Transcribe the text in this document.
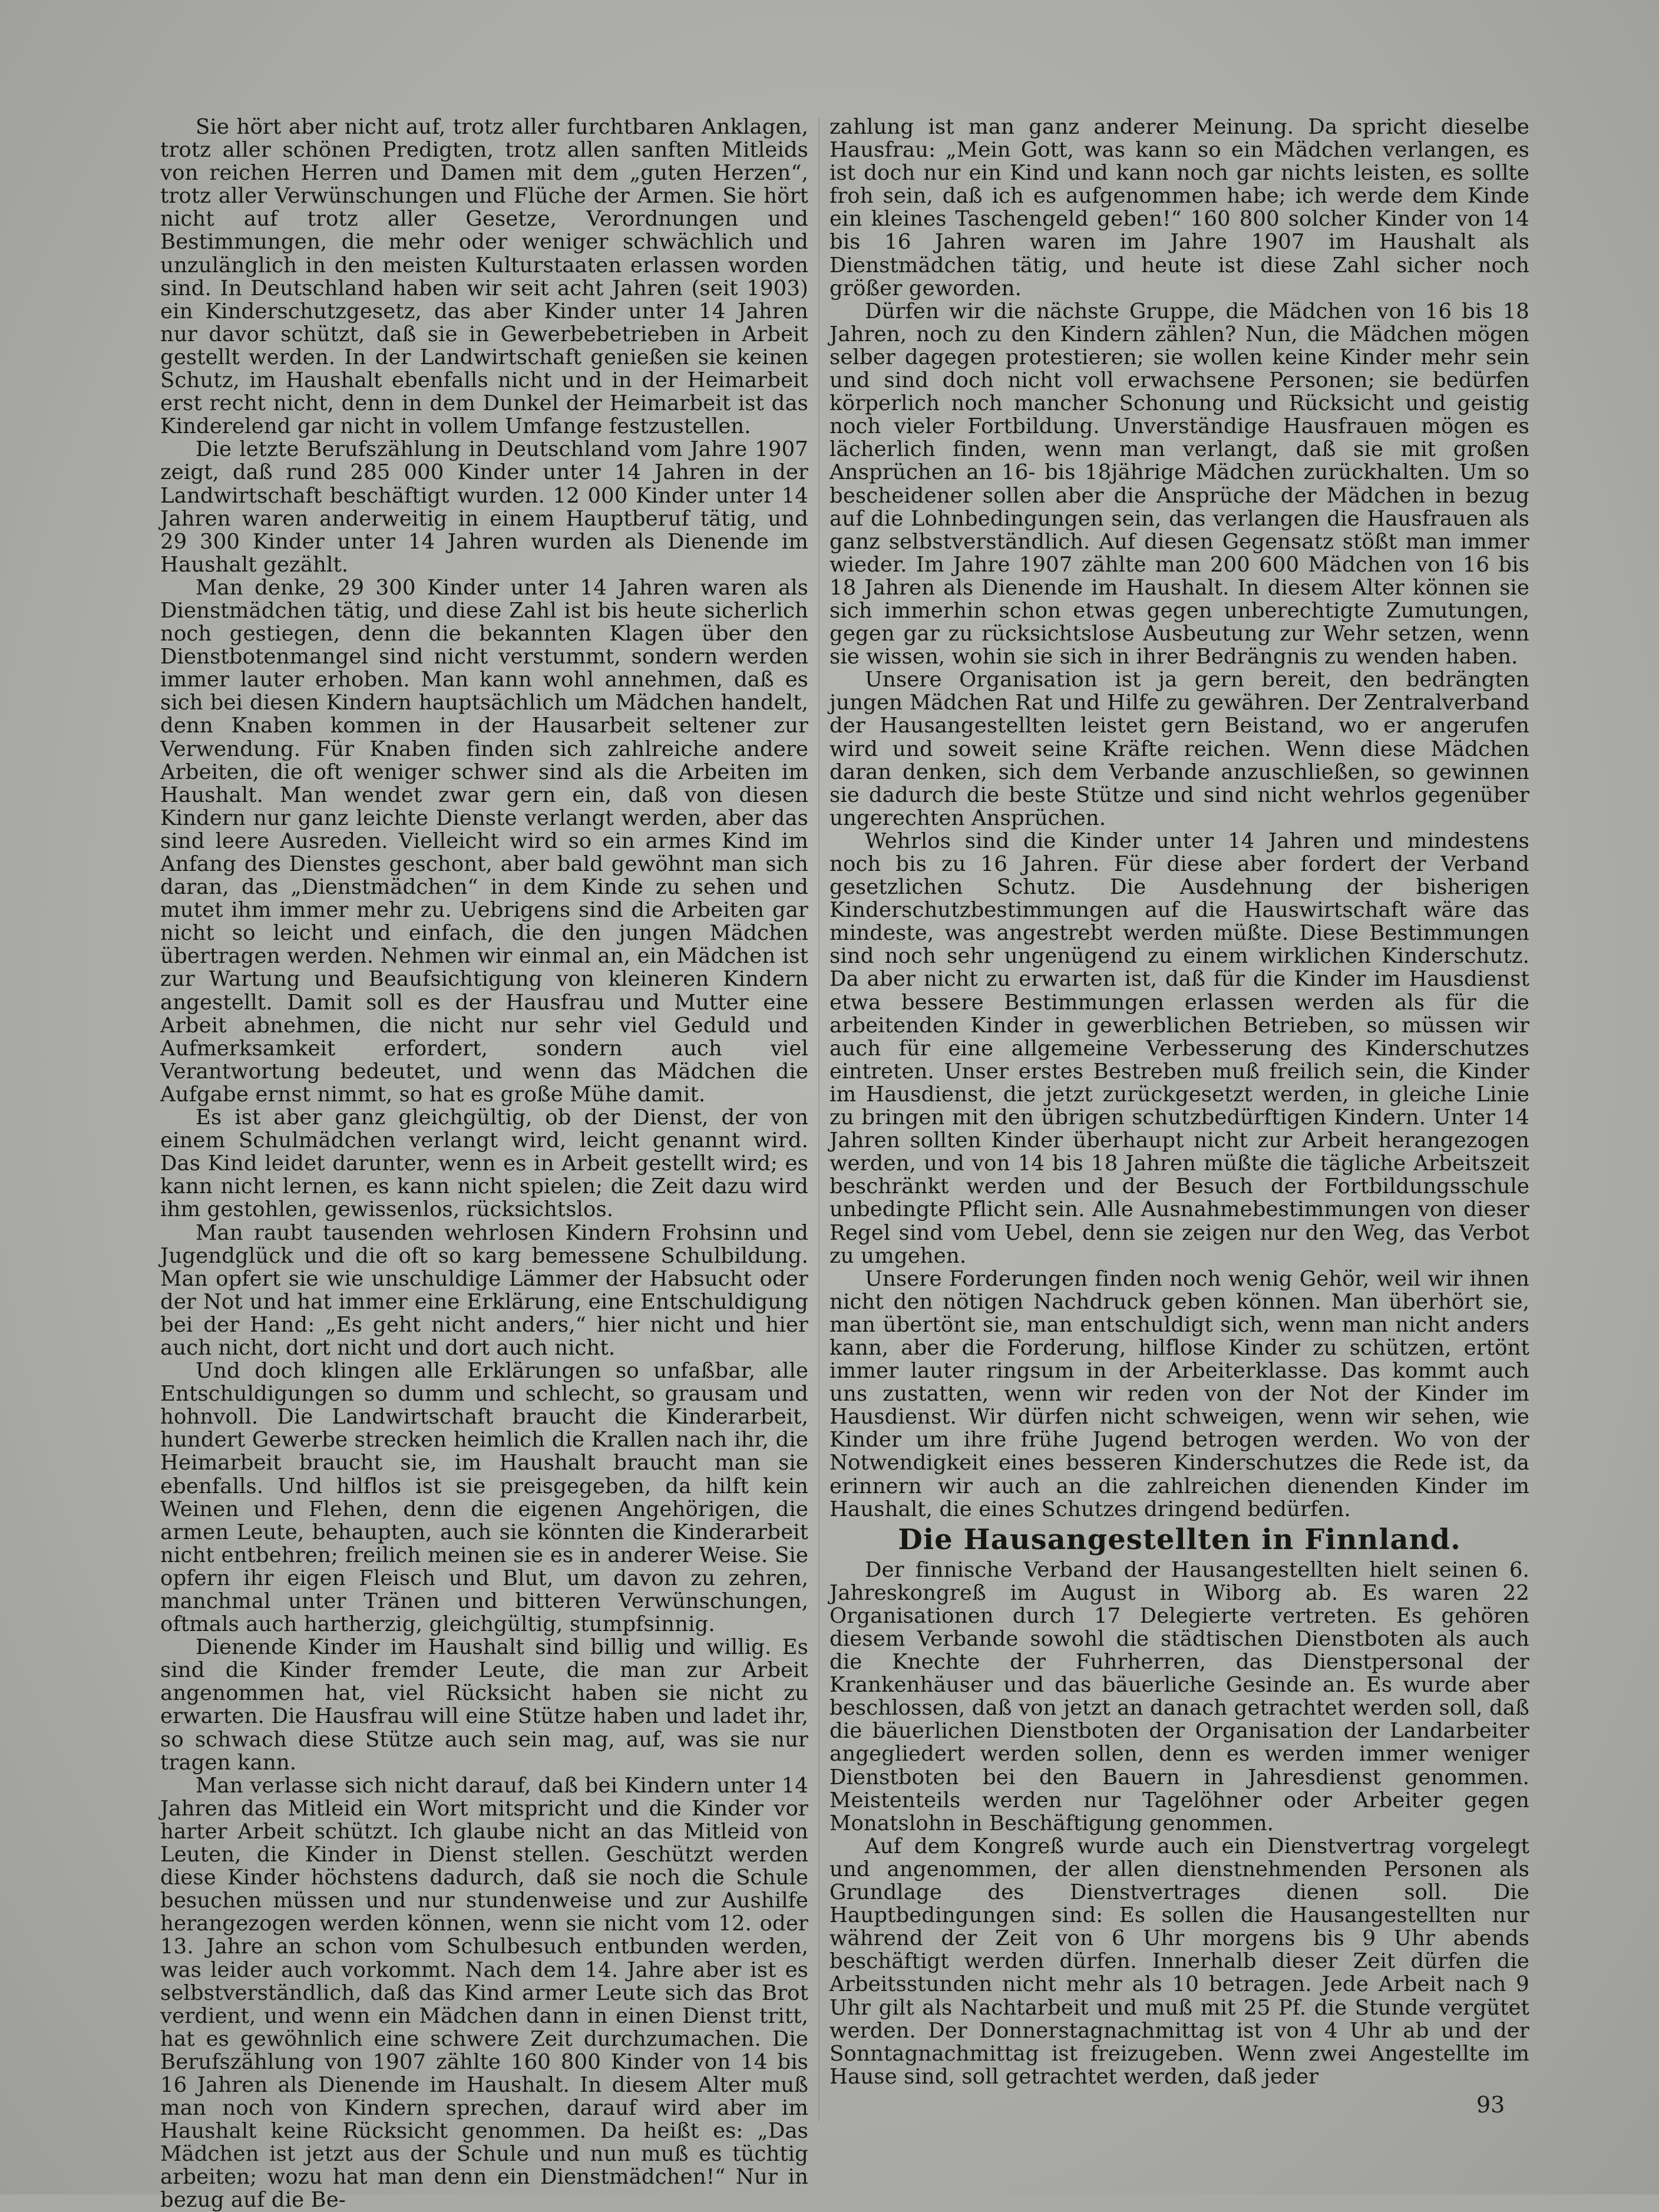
Sie hört aber nicht auf, trotz aller furchtbaren Anklagen, trotz aller schönen Predigten, trotz allen sanften Mitleids von reichen Herren und Damen mit dem „guten Herzen“, trotz aller Verwünschungen und Flüche der Armen. Sie hört nicht auf trotz aller Gesetze, Verordnungen und Bestimmungen, die mehr oder weniger schwächlich und unzulänglich in den meisten Kulturstaaten erlassen worden sind. In Deutschland haben wir seit acht Jahren (seit 1903) ein Kinderschutzgesetz, das aber Kinder unter 14 Jahren nur davor schützt, daß sie in Gewerbebetrieben in Arbeit gestellt werden. In der Landwirtschaft genießen sie keinen Schutz, im Haushalt ebenfalls nicht und in der Heimarbeit erst recht nicht, denn in dem Dunkel der Heimarbeit ist das Kinderelend gar nicht in vollem Umfange festzustellen.

Die letzte Berufszählung in Deutschland vom Jahre 1907 zeigt, daß rund 285 000 Kinder unter 14 Jahren in der Landwirtschaft beschäftigt wurden. 12 000 Kinder unter 14 Jahren waren anderweitig in einem Hauptberuf tätig, und 29 300 Kinder unter 14 Jahren wurden als Dienende im Haushalt gezählt.

Man denke, 29 300 Kinder unter 14 Jahren waren als Dienstmädchen tätig, und diese Zahl ist bis heute sicherlich noch gestiegen, denn die bekannten Klagen über den Dienstbotenmangel sind nicht verstummt, sondern werden immer lauter erhoben. Man kann wohl annehmen, daß es sich bei diesen Kindern hauptsächlich um Mädchen handelt, denn Knaben kommen in der Hausarbeit seltener zur Verwendung. Für Knaben finden sich zahlreiche andere Arbeiten, die oft weniger schwer sind als die Arbeiten im Haushalt. Man wendet zwar gern ein, daß von diesen Kindern nur ganz leichte Dienste verlangt werden, aber das sind leere Ausreden. Vielleicht wird so ein armes Kind im Anfang des Dienstes geschont, aber bald gewöhnt man sich daran, das „Dienstmädchen“ in dem Kinde zu sehen und mutet ihm immer mehr zu. Uebrigens sind die Arbeiten gar nicht so leicht und einfach, die den jungen Mädchen übertragen werden. Nehmen wir einmal an, ein Mädchen ist zur Wartung und Beaufsichtigung von kleineren Kindern angestellt. Damit soll es der Hausfrau und Mutter eine Arbeit abnehmen, die nicht nur sehr viel Geduld und Aufmerksamkeit erfordert, sondern auch viel Verantwortung bedeutet, und wenn das Mädchen die Aufgabe ernst nimmt, so hat es große Mühe damit.

Es ist aber ganz gleichgültig, ob der Dienst, der von einem Schulmädchen verlangt wird, leicht genannt wird. Das Kind leidet darunter, wenn es in Arbeit gestellt wird; es kann nicht lernen, es kann nicht spielen; die Zeit dazu wird ihm gestohlen, gewissenlos, rücksichtslos.

Man raubt tausenden wehrlosen Kindern Frohsinn und Jugendglück und die oft so karg bemessene Schulbildung. Man opfert sie wie unschuldige Lämmer der Habsucht oder der Not und hat immer eine Erklärung, eine Entschuldigung bei der Hand: „Es geht nicht anders,“ hier nicht und hier auch nicht, dort nicht und dort auch nicht.

Und doch klingen alle Erklärungen so unfaßbar, alle Entschuldigungen so dumm und schlecht, so grausam und hohnvoll. Die Landwirtschaft braucht die Kinderarbeit, hundert Gewerbe strecken heimlich die Krallen nach ihr, die Heimarbeit braucht sie, im Haushalt braucht man sie ebenfalls. Und hilflos ist sie preisgegeben, da hilft kein Weinen und Flehen, denn die eigenen Angehörigen, die armen Leute, behaupten, auch sie könnten die Kinderarbeit nicht entbehren; freilich meinen sie es in anderer Weise. Sie opfern ihr eigen Fleisch und Blut, um davon zu zehren, manchmal unter Tränen und bitteren Verwünschungen, oftmals auch hartherzig, gleichgültig, stumpfsinnig.

Dienende Kinder im Haushalt sind billig und willig. Es sind die Kinder fremder Leute, die man zur Arbeit angenommen hat, viel Rücksicht haben sie nicht zu erwarten. Die Hausfrau will eine Stütze haben und ladet ihr, so schwach diese Stütze auch sein mag, auf, was sie nur tragen kann.

Man verlasse sich nicht darauf, daß bei Kindern unter 14 Jahren das Mitleid ein Wort mitspricht und die Kinder vor harter Arbeit schützt. Ich glaube nicht an das Mitleid von Leuten, die Kinder in Dienst stellen. Geschützt werden diese Kinder höchstens dadurch, daß sie noch die Schule besuchen müssen und nur stundenweise und zur Aushilfe herangezogen werden können, wenn sie nicht vom 12. oder 13. Jahre an schon vom Schulbesuch entbunden werden, was leider auch vorkommt. Nach dem 14. Jahre aber ist es selbstverständlich, daß das Kind armer Leute sich das Brot verdient, und wenn ein Mädchen dann in einen Dienst tritt, hat es gewöhnlich eine schwere Zeit durchzumachen. Die Berufszählung von 1907 zählte 160 800 Kinder von 14 bis 16 Jahren als Dienende im Haushalt. In diesem Alter muß man noch von Kindern sprechen, darauf wird aber im Haushalt keine Rücksicht genommen. Da heißt es: „Das Mädchen ist jetzt aus der Schule und nun muß es tüchtig arbeiten; wozu hat man denn ein Dienstmädchen!“ Nur in bezug auf die Be-

zahlung ist man ganz anderer Meinung. Da spricht dieselbe Hausfrau: „Mein Gott, was kann so ein Mädchen verlangen, es ist doch nur ein Kind und kann noch gar nichts leisten, es sollte froh sein, daß ich es aufgenommen habe; ich werde dem Kinde ein kleines Taschengeld geben!“ 160 800 solcher Kinder von 14 bis 16 Jahren waren im Jahre 1907 im Haushalt als Dienstmädchen tätig, und heute ist diese Zahl sicher noch größer geworden.

Dürfen wir die nächste Gruppe, die Mädchen von 16 bis 18 Jahren, noch zu den Kindern zählen? Nun, die Mädchen mögen selber dagegen protestieren; sie wollen keine Kinder mehr sein und sind doch nicht voll erwachsene Personen; sie bedürfen körperlich noch mancher Schonung und Rücksicht und geistig noch vieler Fortbildung. Unverständige Hausfrauen mögen es lächerlich finden, wenn man verlangt, daß sie mit großen Ansprüchen an 16- bis 18jährige Mädchen zurückhalten. Um so bescheidener sollen aber die Ansprüche der Mädchen in bezug auf die Lohnbedingungen sein, das verlangen die Hausfrauen als ganz selbstverständlich. Auf diesen Gegensatz stößt man immer wieder. Im Jahre 1907 zählte man 200 600 Mädchen von 16 bis 18 Jahren als Dienende im Haushalt. In diesem Alter können sie sich immerhin schon etwas gegen unberechtigte Zumutungen, gegen gar zu rücksichtslose Ausbeutung zur Wehr setzen, wenn sie wissen, wohin sie sich in ihrer Bedrängnis zu wenden haben.

Unsere Organisation ist ja gern bereit, den bedrängten jungen Mädchen Rat und Hilfe zu gewähren. Der Zentralverband der Hausangestellten leistet gern Beistand, wo er angerufen wird und soweit seine Kräfte reichen. Wenn diese Mädchen daran denken, sich dem Verbande anzuschließen, so gewinnen sie dadurch die beste Stütze und sind nicht wehrlos gegenüber ungerechten Ansprüchen.

Wehrlos sind die Kinder unter 14 Jahren und mindestens noch bis zu 16 Jahren. Für diese aber fordert der Verband gesetzlichen Schutz. Die Ausdehnung der bisherigen Kinderschutzbestimmungen auf die Hauswirtschaft wäre das mindeste, was angestrebt werden müßte. Diese Bestimmungen sind noch sehr ungenügend zu einem wirklichen Kinderschutz. Da aber nicht zu erwarten ist, daß für die Kinder im Hausdienst etwa bessere Bestimmungen erlassen werden als für die arbeitenden Kinder in gewerblichen Betrieben, so müssen wir auch für eine allgemeine Verbesserung des Kinderschutzes eintreten. Unser erstes Bestreben muß freilich sein, die Kinder im Hausdienst, die jetzt zurückgesetzt werden, in gleiche Linie zu bringen mit den übrigen schutzbedürftigen Kindern. Unter 14 Jahren sollten Kinder überhaupt nicht zur Arbeit herangezogen werden, und von 14 bis 18 Jahren müßte die tägliche Arbeitszeit beschränkt werden und der Besuch der Fortbildungsschule unbedingte Pflicht sein. Alle Ausnahmebestimmungen von dieser Regel sind vom Uebel, denn sie zeigen nur den Weg, das Verbot zu umgehen.

Unsere Forderungen finden noch wenig Gehör, weil wir ihnen nicht den nötigen Nachdruck geben können. Man überhört sie, man übertönt sie, man entschuldigt sich, wenn man nicht anders kann, aber die Forderung, hilflose Kinder zu schützen, ertönt immer lauter ringsum in der Arbeiterklasse. Das kommt auch uns zustatten, wenn wir reden von der Not der Kinder im Hausdienst. Wir dürfen nicht schweigen, wenn wir sehen, wie Kinder um ihre frühe Jugend betrogen werden. Wo von der Notwendigkeit eines besseren Kinderschutzes die Rede ist, da erinnern wir auch an die zahlreichen dienenden Kinder im Haushalt, die eines Schutzes dringend bedürfen.

Die Hausangestellten in Finnland.

Der finnische Verband der Hausangestellten hielt seinen 6. Jahreskongreß im August in Wiborg ab. Es waren 22 Organisationen durch 17 Delegierte vertreten. Es gehören diesem Verbande sowohl die städtischen Dienstboten als auch die Knechte der Fuhrherren, das Dienstpersonal der Krankenhäuser und das bäuerliche Gesinde an. Es wurde aber beschlossen, daß von jetzt an danach getrachtet werden soll, daß die bäuerlichen Dienstboten der Organisation der Landarbeiter angegliedert werden sollen, denn es werden immer weniger Dienstboten bei den Bauern in Jahresdienst genommen. Meistenteils werden nur Tagelöhner oder Arbeiter gegen Monatslohn in Beschäftigung genommen.

Auf dem Kongreß wurde auch ein Dienstvertrag vorgelegt und angenommen, der allen dienstnehmenden Personen als Grundlage des Dienstvertrages dienen soll. Die Hauptbedingungen sind: Es sollen die Hausangestellten nur während der Zeit von 6 Uhr morgens bis 9 Uhr abends beschäftigt werden dürfen. Innerhalb dieser Zeit dürfen die Arbeitsstunden nicht mehr als 10 betragen. Jede Arbeit nach 9 Uhr gilt als Nachtarbeit und muß mit 25 Pf. die Stunde vergütet werden. Der Donnerstagnachmittag ist von 4 Uhr ab und der Sonntagnachmittag ist freizugeben. Wenn zwei Angestellte im Hause sind, soll getrachtet werden, daß jeder

93
